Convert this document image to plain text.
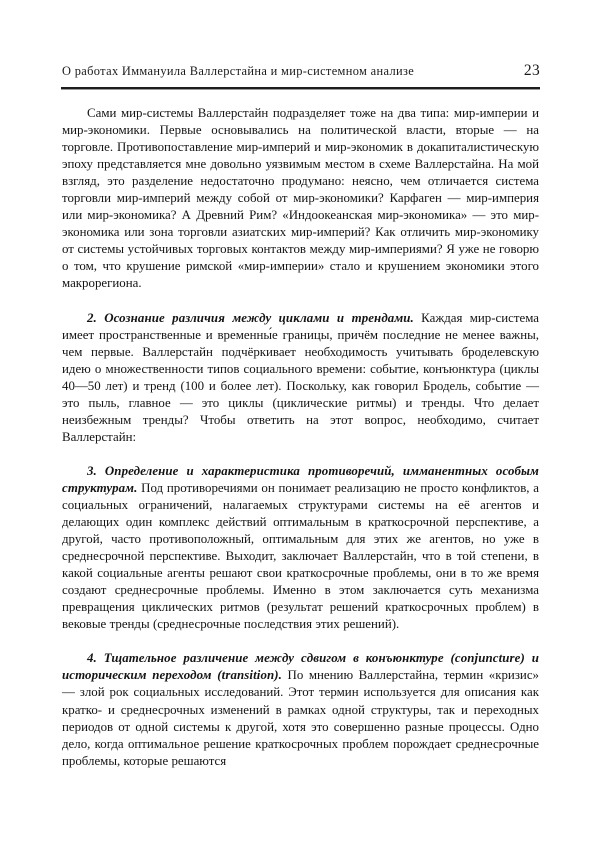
О работах Иммануила Валлерстайна и мир-системном анализе	23

Сами мир-системы Валлерстайн подразделяет тоже на два типа: мир-империи и мир-экономики. Первые основывались на политической власти, вторые — на торговле. Противопоставление мир-империй и мир-экономик в докапиталистическую эпоху представляется мне довольно уязвимым местом в схеме Валлерстайна. На мой взгляд, это разделение недостаточно продумано: неясно, чем отличается система торговли мир-империй между собой от мир-экономики? Карфаген — мир-империя или мир-экономика? А Древний Рим? «Индоокеанская мир-экономика» — это мир-экономика или зона торговли азиатских мир-империй? Как отличить мир-экономику от системы устойчивых торговых контактов между мир-империями? Я уже не говорю о том, что крушение римской «мир-империи» стало и крушением экономики этого макрорегиона.

2. Осознание различия между циклами и трендами. Каждая мир-система имеет пространственные и временны́е границы, причём последние не менее важны, чем первые. Валлерстайн подчёркивает необходимость учитывать броделевскую идею о множественности типов социального времени: событие, конъюнктура (циклы 40—50 лет) и тренд (100 и более лет). Поскольку, как говорил Бродель, событие — это пыль, главное — это циклы (циклические ритмы) и тренды. Что делает неизбежным тренды? Чтобы ответить на этот вопрос, необходимо, считает Валлерстайн:

3. Определение и характеристика противоречий, имманентных особым структурам. Под противоречиями он понимает реализацию не просто конфликтов, а социальных ограничений, налагаемых структурами системы на её агентов и делающих один комплекс действий оптимальным в краткосрочной перспективе, а другой, часто противоположный, оптимальным для этих же агентов, но уже в среднесрочной перспективе. Выходит, заключает Валлерстайн, что в той степени, в какой социальные агенты решают свои краткосрочные проблемы, они в то же время создают среднесрочные проблемы. Именно в этом заключается суть механизма превращения циклических ритмов (результат решений краткосрочных проблем) в вековые тренды (среднесрочные последствия этих решений).

4. Тщательное различение между сдвигом в конъюнктуре (conjuncture) и историческим переходом (transition). По мнению Валлерстайна, термин «кризис» — злой рок социальных исследований. Этот термин используется для описания как кратко- и среднесрочных изменений в рамках одной структуры, так и переходных периодов от одной системы к другой, хотя это совершенно разные процессы. Одно дело, когда оптимальное решение краткосрочных проблем порождает среднесрочные проблемы, которые решаются
